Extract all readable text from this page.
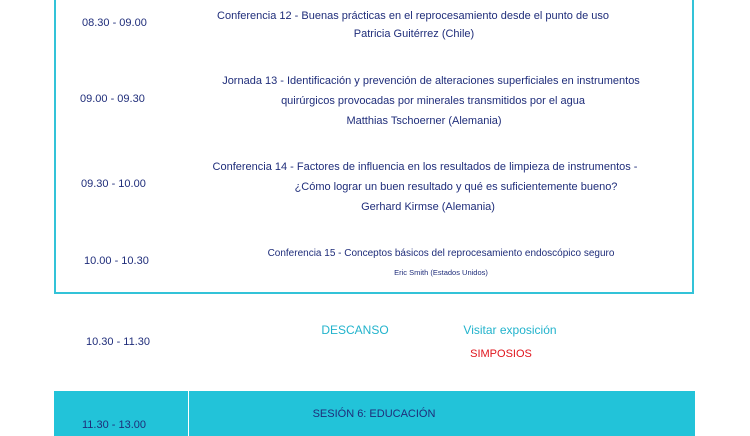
08.30 - 09.00
Conferencia 12 - Buenas prácticas en el reprocesamiento desde el punto de uso
Patricia Guitérrez (Chile)
09.00 - 09.30
Jornada 13 - Identificación y prevención de alteraciones superficiales en instrumentos
quirúrgicos provocadas por minerales transmitidos por el agua
Matthias Tschoerner (Alemania)
09.30 - 10.00
Conferencia 14 - Factores de influencia en los resultados de limpieza de instrumentos -
¿Cómo lograr un buen resultado y qué es suficientemente bueno?
Gerhard Kirmse (Alemania)
10.00 - 10.30
Conferencia 15 - Conceptos básicos del reprocesamiento endoscópico seguro
Eric Smith (Estados Unidos)
10.30 - 11.30
DESCANSO	Visitar exposición
SIMPOSIOS
11.30 - 13.00
SESIÓN 6: EDUCACIÓN
